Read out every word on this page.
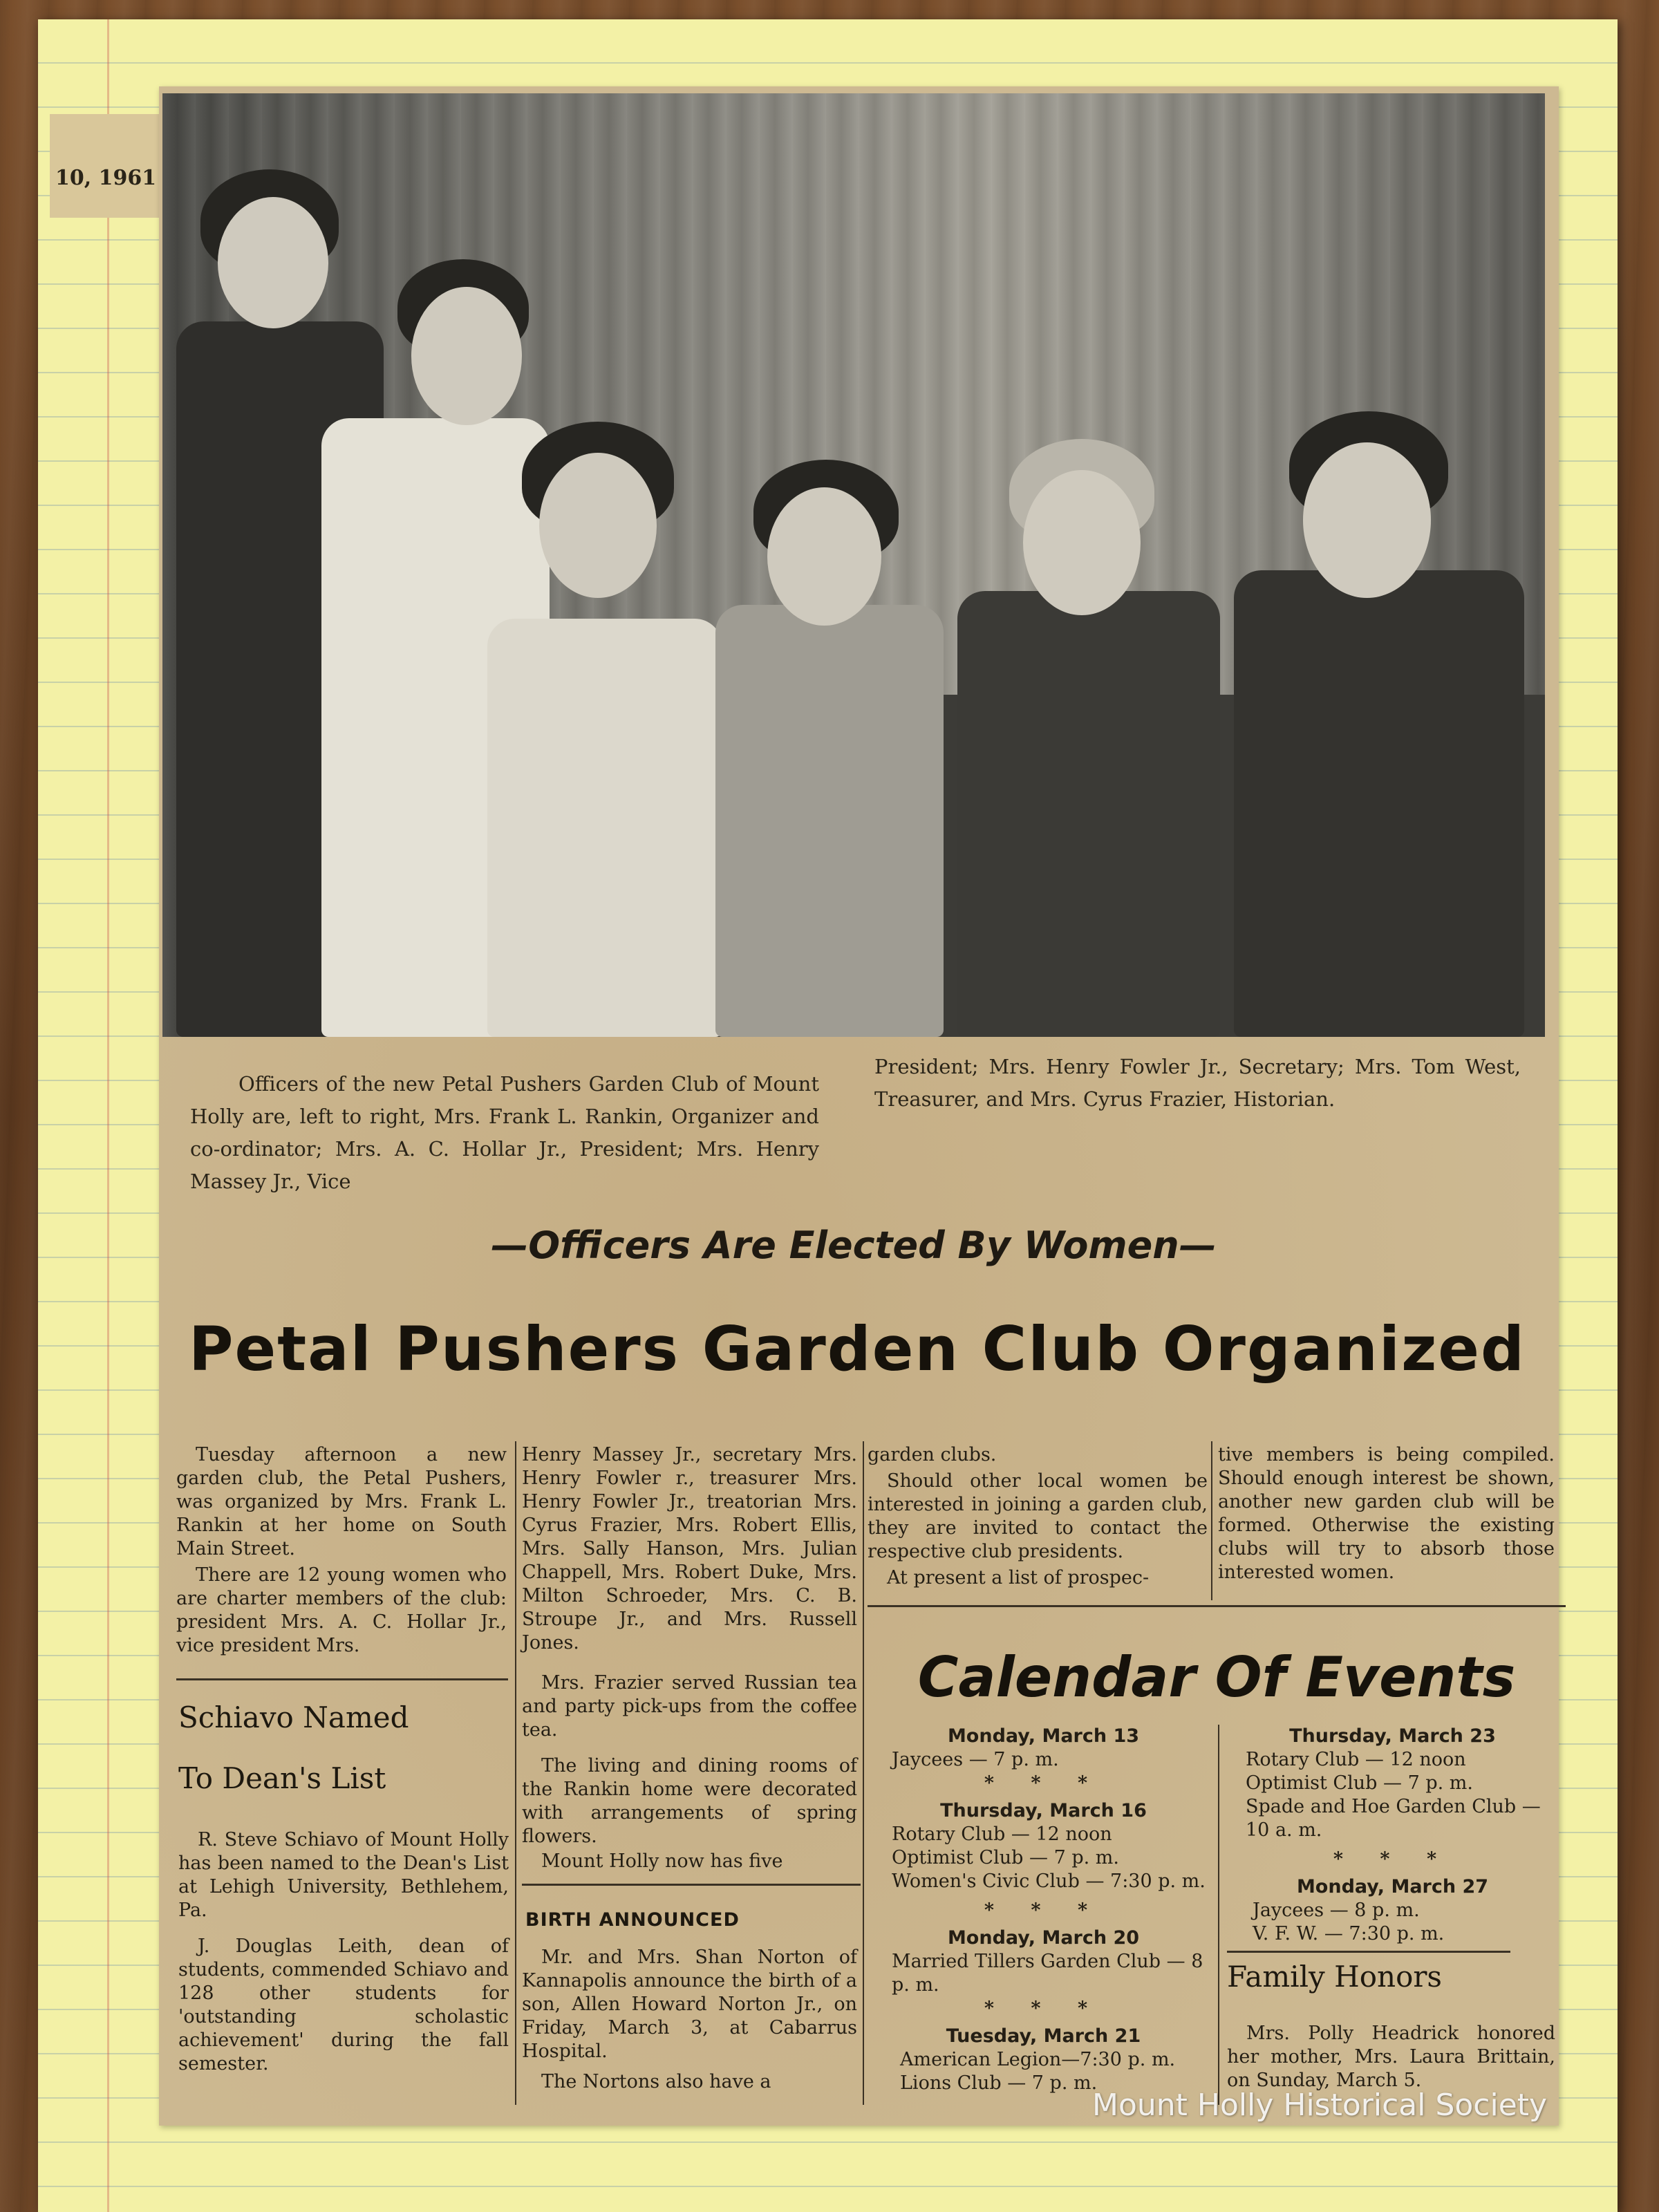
10, 1961
Officers of the new Petal Pushers Garden Club of Mount Holly are, left to right, Mrs. Frank L. Rankin, Organizer and co-ordinator; Mrs. A. C. Hollar Jr., President; Mrs. Henry Massey Jr., Vice
President; Mrs. Henry Fowler Jr., Secretary; Mrs. Tom West, Treasurer, and Mrs. Cyrus Frazier, Historian.
—Officers Are Elected By Women—
Petal Pushers Garden Club Organized

Tuesday afternoon a new garden club, the Petal Pushers, was organized by Mrs. Frank L. Rankin at her home on South Main Street.

There are 12 young women who are charter members of the club: president Mrs. A. C. Hollar Jr., vice president Mrs.

Schiavo Named
To Dean's List

R. Steve Schiavo of Mount Holly has been named to the Dean's List at Lehigh University, Bethlehem, Pa.

J. Douglas Leith, dean of students, commended Schiavo and 128 other students for 'outstanding scholastic achievement' during the fall semester.

Henry Massey Jr., secretary Mrs. Henry Fowler r., treasurer Mrs. Henry Fowler Jr., treatorian Mrs. Cyrus Frazier, Mrs. Robert Ellis, Mrs. Sally Hanson, Mrs. Julian Chappell, Mrs. Robert Duke, Mrs. Milton Schroeder, Mrs. C. B. Stroupe Jr., and Mrs. Russell Jones.

Mrs. Frazier served Russian tea and party pick-ups from the coffee tea.

The living and dining rooms of the Rankin home were decorated with arrangements of spring flowers.

Mount Holly now has five

BIRTH ANNOUNCED

Mr. and Mrs. Shan Norton of Kannapolis announce the birth of a son, Allen Howard Norton Jr., on Friday, March 3, at Cabarrus Hospital.

The Nortons also have a

garden clubs.

Should other local women be interested in joining a garden club, they are invited to contact the respective club presidents.

At present a list of prospec-

tive members is being compiled. Should enough interest be shown, another new garden club will be formed. Otherwise the existing clubs will try to absorb those interested women.

Calendar Of Events
Monday, March 13

Jaycees — 7 p. m.

* * *

Thursday, March 16

Rotary Club — 12 noon

Optimist Club — 7 p. m.

Women's Civic Club — 7:30 p. m.

* * *

Monday, March 20

Married Tillers Garden Club — 8 p. m.

* * *

Tuesday, March 21

American Legion—7:30 p. m.

Lions Club — 7 p. m.

Thursday, March 23

Rotary Club — 12 noon

Optimist Club — 7 p. m.

Spade and Hoe Garden Club —10 a. m.

* * *

Monday, March 27

Jaycees — 8 p. m.

V. F. W. — 7:30 p. m.

Family Honors

Mrs. Polly Headrick honored her mother, Mrs. Laura Brittain, on Sunday, March 5.

Mount Holly Historical Society
